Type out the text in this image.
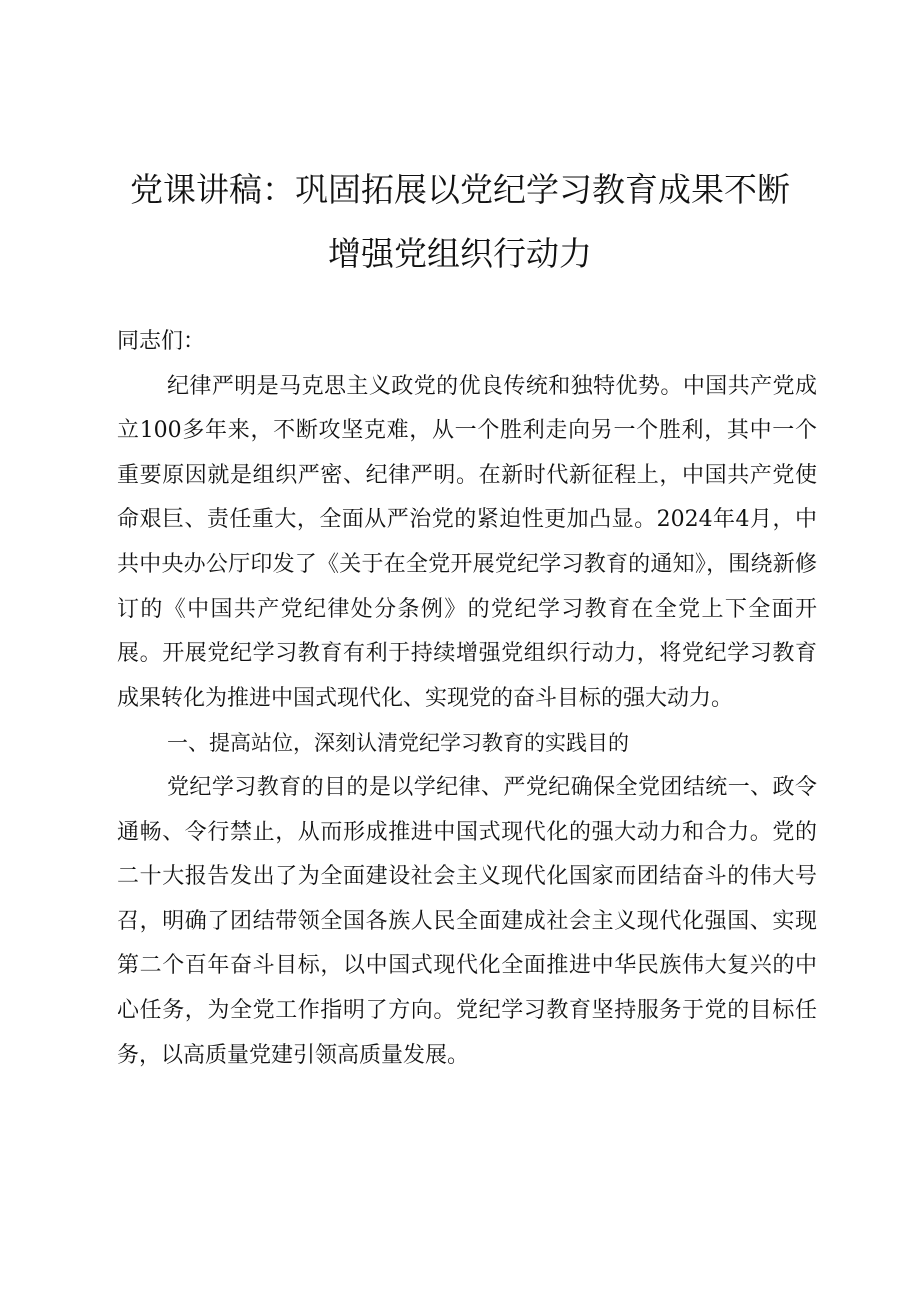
党课讲稿：巩固拓展以党纪学习教育成果不断
增强党组织行动力

同志们：

纪律严明是马克思主义政党的优良传统和独特优势。中国共产党成立100多年来，不断攻坚克难，从一个胜利走向另一个胜利，其中一个重要原因就是组织严密、纪律严明。在新时代新征程上，中国共产党使命艰巨、责任重大，全面从严治党的紧迫性更加凸显。2024年4月，中共中央办公厅印发了《关于在全党开展党纪学习教育的通知》，围绕新修订的《中国共产党纪律处分条例》的党纪学习教育在全党上下全面开展。开展党纪学习教育有利于持续增强党组织行动力，将党纪学习教育成果转化为推进中国式现代化、实现党的奋斗目标的强大动力。

一、提高站位，深刻认清党纪学习教育的实践目的

党纪学习教育的目的是以学纪律、严党纪确保全党团结统一、政令通畅、令行禁止，从而形成推进中国式现代化的强大动力和合力。党的二十大报告发出了为全面建设社会主义现代化国家而团结奋斗的伟大号召，明确了团结带领全国各族人民全面建成社会主义现代化强国、实现第二个百年奋斗目标，以中国式现代化全面推进中华民族伟大复兴的中心任务，为全党工作指明了方向。党纪学习教育坚持服务于党的目标任务，以高质量党建引领高质量发展。
